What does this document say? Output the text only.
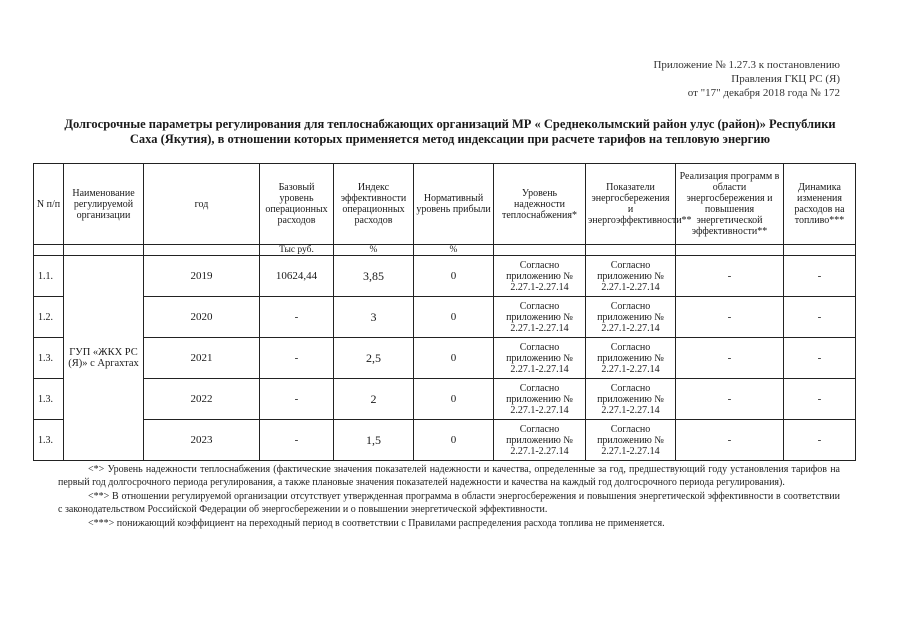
Приложение № 1.27.3 к постановлению
Правления ГКЦ РС (Я)
от "17" декабря 2018 года № 172
Долгосрочные параметры регулирования для теплоснабжающих организаций МР « Среднеколымский район улус (район)» Республики Саха (Якутия), в отношении которых применяется метод индексации при расчете тарифов на тепловую энергию
N п/п	Наименование регулируемой организации	год	Базовый уровень операционных расходов	Индекс эффективности операционных расходов	Нормативный уровень прибыли	Уровень надежности теплоснабжения*	Показатели энергосбережения и энергоэффективности**	Реализация программ в области энергосбережения и повышения энергетической эффективности**	Динамика изменения расходов на топливо***
			Тыс руб.	%	%				
1.1.	ГУП «ЖКХ РС (Я)» с Аргахтах	2019	10624,44	3,85	0	Согласно приложению № 2.27.1-2.27.14	Согласно приложению № 2.27.1-2.27.14	-	-
1.2.		2020	-	3	0	Согласно приложению № 2.27.1-2.27.14	Согласно приложению № 2.27.1-2.27.14	-	-
1.3.		2021	-	2,5	0	Согласно приложению № 2.27.1-2.27.14	Согласно приложению № 2.27.1-2.27.14	-	-
1.3.		2022	-	2	0	Согласно приложению № 2.27.1-2.27.14	Согласно приложению № 2.27.1-2.27.14	-	-
1.3.		2023	-	1,5	0	Согласно приложению № 2.27.1-2.27.14	Согласно приложению № 2.27.1-2.27.14	-	-

<*> Уровень надежности теплоснабжения (фактические значения показателей надежности и качества, определенные за год, предшествующий году установления тарифов на первый год долгосрочного периода регулирования, а также плановые значения показателей надежности и качества на каждый год долгосрочного периода регулирования).

<**> В отношении регулируемой организации отсутствует утвержденная программа в области энергосбережения и повышения энергетической эффективности в соответствии с законодательством Российской Федерации об энергосбережении и о повышении энергетической эффективности.

<***> понижающий коэффициент на переходный период в соответствии с Правилами распределения расхода топлива не применяется.
